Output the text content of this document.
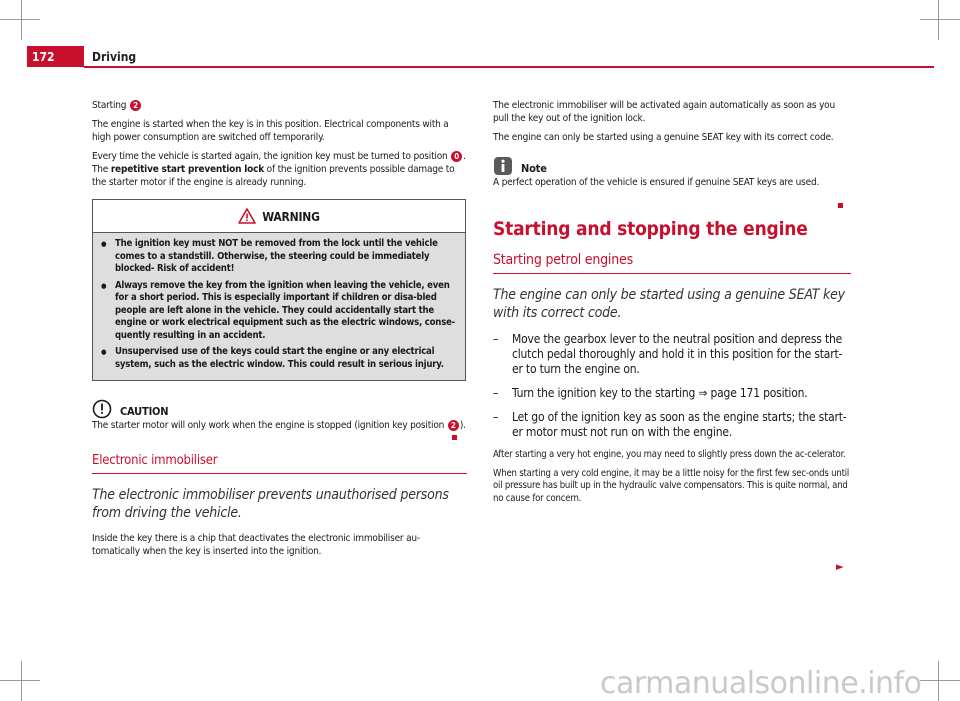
172	Driving

Starting 2

The engine is started when the key is in this position. Electrical components with a high power consumption are switched off temporarily.

Every time the vehicle is started again, the ignition key must be turned to position 0 . The repetitive start prevention lock of the ignition prevents possible damage to the starter motor if the engine is already running.

WARNING
● The ignition key must NOT be removed from the lock until the vehicle comes to a standstill. Otherwise, the steering could be immediately blocked- Risk of accident!
● Always remove the key from the ignition when leaving the vehicle, even for a short period. This is especially important if children or disa-bled people are left alone in the vehicle. They could accidentally start the engine or work electrical equipment such as the electric windows, conse-quently resulting in an accident.
● Unsupervised use of the keys could start the engine or any electrical system, such as the electric window. This could result in serious injury.
CAUTION

The starter motor will only work when the engine is stopped (ignition key position 2 ).

Electronic immobiliser
The electronic immobiliser prevents unauthorised persons from driving the vehicle.

Inside the key there is a chip that deactivates the electronic immobiliser au-tomatically when the key is inserted into the ignition.

The electronic immobiliser will be activated again automatically as soon as you pull the key out of the ignition lock.

The engine can only be started using a genuine SEAT key with its correct code.

Note

A perfect operation of the vehicle is ensured if genuine SEAT keys are used.

Starting and stopping the engine
Starting petrol engines
The engine can only be started using a genuine SEAT key with its correct code.
– Move the gearbox lever to the neutral position and depress the clutch pedal thoroughly and hold it in this position for the start-er to turn the engine on.
– Turn the ignition key to the starting ⇒ page 171 position.
– Let go of the ignition key as soon as the engine starts; the start-er motor must not run on with the engine.

After starting a very hot engine, you may need to slightly press down the ac-celerator.

When starting a very cold engine, it may be a little noisy for the first few sec-onds until oil pressure has built up in the hydraulic valve compensators. This is quite normal, and no cause for concern.

►
carmanualsonline.info
